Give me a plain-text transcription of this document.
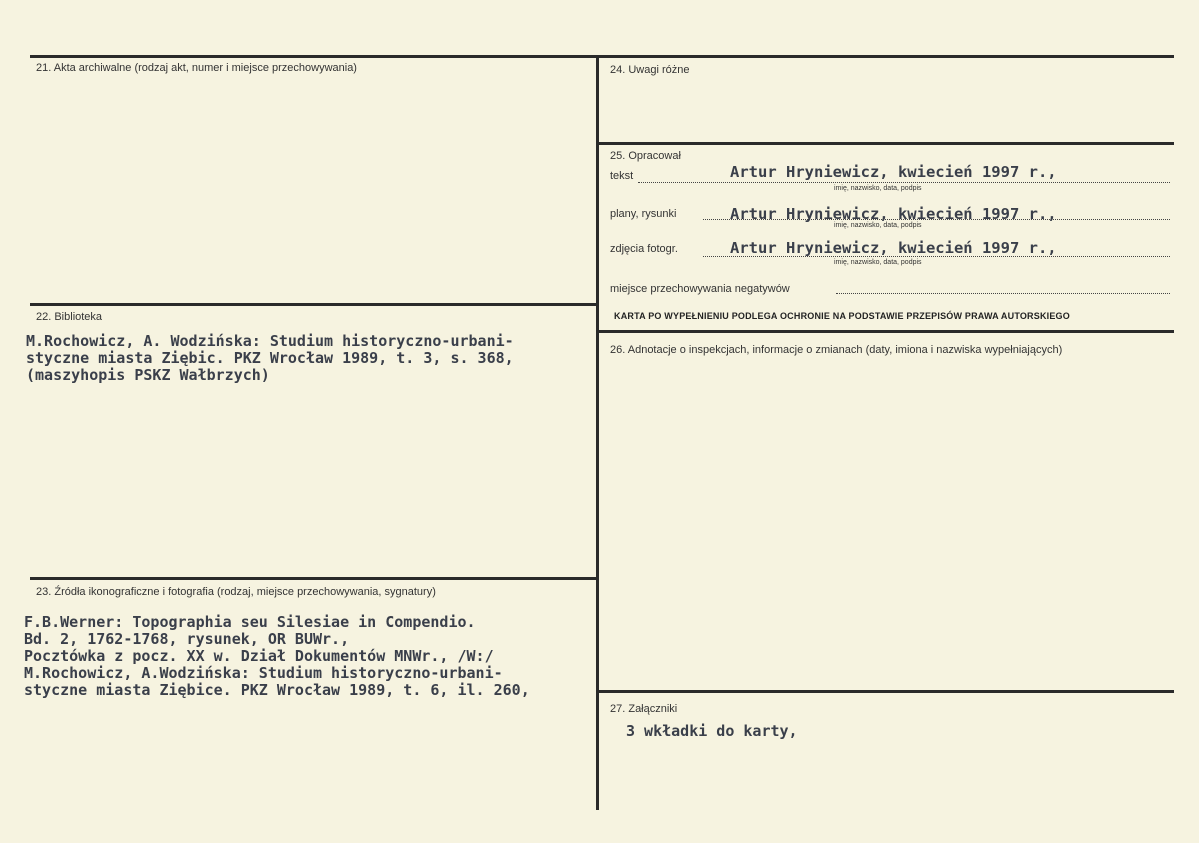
21. Akta archiwalne (rodzaj akt, numer i miejsce przechowywania)
22. Biblioteka
M.Rochowicz, A. Wodzińska: Studium historyczno-urbani-
styczne miasta Ziębic. PKZ Wrocław 1989, t. 3, s. 368,
(maszyhopis PSKZ Wałbrzych)
23. Źródła ikonograficzne i fotografia (rodzaj, miejsce przechowywania, sygnatury)
F.B.Werner: Topographia seu Silesiae in Compendio.
Bd. 2, 1762-1768, rysunek, OR BUWr.,
Pocztówka z pocz. XX w. Dział Dokumentów MNWr., /W:/
M.Rochowicz, A.Wodzińska: Studium historyczno-urbani-
styczne miasta Ziębice. PKZ Wrocław 1989, t. 6, il. 260,
24. Uwagi różne
25. Opracował
tekst	Artur Hryniewicz, kwiecień 1997 r.,
imię, nazwisko, data, podpis
plany, rysunki	Artur Hryniewicz, kwiecień 1997 r.,
imię, nazwisko, data, podpis
zdjęcia fotogr.	Artur Hryniewicz, kwiecień 1997 r.,
imię, nazwisko, data, podpis
miejsce przechowywania negatywów
KARTA PO WYPEŁNIENIU PODLEGA OCHRONIE NA PODSTAWIE PRZEPISÓW PRAWA AUTORSKIEGO
26. Adnotacje o inspekcjach, informacje o zmianach (daty, imiona i nazwiska wypełniających)
27. Załączniki
3 wkładki do karty,
